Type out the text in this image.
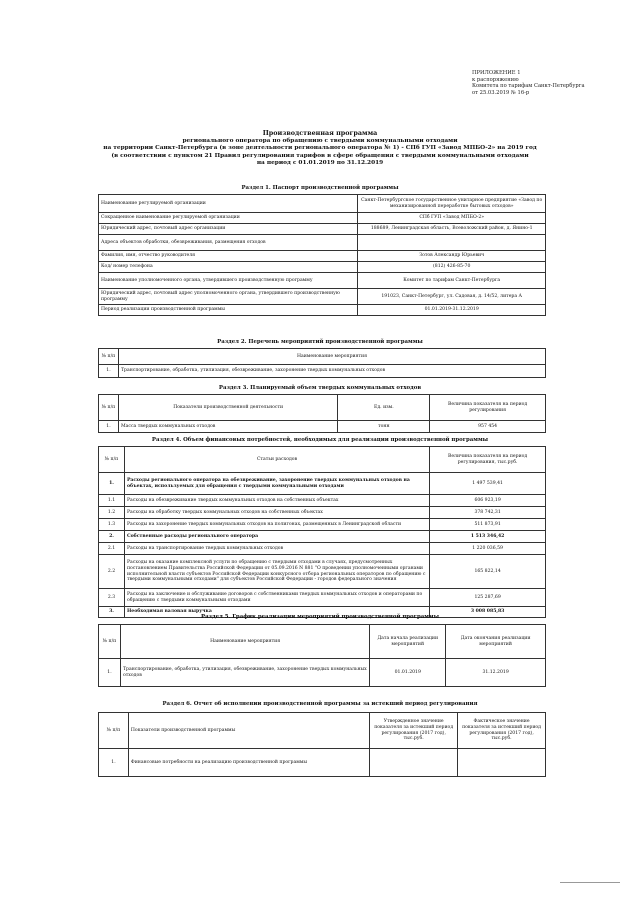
ПРИЛОЖЕНИЕ 1
к распоряжению
Комитета по тарифам Санкт-Петербурга
от 25.03.2019 № 16-р
Производственная программа
регионального оператора по обращению с твердыми коммунальными отходами
на территории Санкт-Петербурга (в зоне деятельности регионального оператора № 1) - СПб ГУП «Завод МПБО-2» на 2019 год
(в соответствии с пунктом 21 Правил регулирования тарифов в сфере обращения с твердыми коммунальными отходами
на период с 01.01.2019 по 31.12.2019
Раздел 1. Паспорт производственной программы
Наименование регулируемой организации	Санкт-Петербургское государственное унитарное предприятие «Завод по механизированной переработке бытовых отходов»
Сокращенное наименование регулируемой организации	СПб ГУП «Завод МПБО-2»
Юридический адрес, почтовый адрес организации	188689, Ленинградская область, Всеволожский район, д. Янино-1
Адреса объектов обработки, обезвреживания, размещения отходов	
Фамилия, имя, отчество руководителя	Зотов Александр Юрьевич
Код/ номер телефона	(812) 426-85-70
Наименование уполномоченного органа, утвердившего производственную программу	Комитет по тарифам Санкт-Петербурга
Юридический адрес, почтовый адрес уполномоченного органа, утвердившего производственную программу	191023, Санкт-Петербург, ул. Садовая, д. 14/52, литера А
Период реализации производственной программы	01.01.2019-31.12.2019
Раздел 2. Перечень мероприятий производственной программы
№ п/п	Наименование мероприятия
1.	Транспортирование, обработка, утилизация, обезвреживание, захоронение твердых коммунальных отходов
Раздел 3. Планируемый объем твердых коммунальных отходов
№ п/п	Показатели производственной деятельности	Ед. изм.	Величина показателя на период регулирования
1.	Масса твердых коммунальных отходов	тонн	957 454
Раздел 4. Объем финансовых потребностей, необходимых для реализации производственной программы
№ п/п	Статьи расходов	Величина показателя на период регулирования, тыс.руб.
1.	Расходы регионального оператора на обезвреживание, захоронение твердых коммунальных отходов на объектах, используемых для обращения с твердыми коммунальными отходами	1 497 539,41
1.1	Расходы на обезвреживание твердых коммунальных отходов на собственных объектах	606 923,19
1.2	Расходы на обработку твердых коммунальных отходов на собственных объектах	378 742,31
1.3	Расходы на захоронение твердых коммунальных отходов на полигонах, размещенных в Ленинградской области	511 873,91
2.	Собственные расходы регионального оператора	1 513 346,42
2.1	Расходы на транспортирование твердых коммунальных отходов	1 220 036,59
2.2	Расходы на оказание комплексной услуги по обращению с твердыми отходами в случаях, предусмотренных постановлением Правительства Российской Федерации от 05.09.2016 N 881 "О проведении уполномоченными органами исполнительной власти субъектов Российской Федерации конкурсного отбора региональных операторов по обращению с твердыми коммунальными отходами" для субъектов Российской Федерации - городов федерального значения	165 822,14
2.3	Расходы на заключение и обслуживание договоров с собственниками твердых коммунальных отходов и операторами по обращению с твердыми коммунальными отходами	125 287,69
3.	Необходимая валовая выручка	3 008 085,83
Раздел 5. График реализации мероприятий производственной программы
№ п/п	Наименование мероприятия	Дата начала реализации мероприятий	Дата окончания реализации мероприятий
1.	Транспортирование, обработка, утилизация, обезвреживание, захоронение твердых коммунальных отходов	01.01.2019	31.12.2019
Раздел 6. Отчет об исполнении производственной программы за истекший период регулирования
№ п/п	Показатели производственной программы	Утвержденное значение показателя за истекший период регулирования (2017 год), тыс.руб.	Фактическое значение показателя за истекший период регулирования (2017 год), тыс.руб.
1.	Финансовые потребности на реализацию производственной программы		
